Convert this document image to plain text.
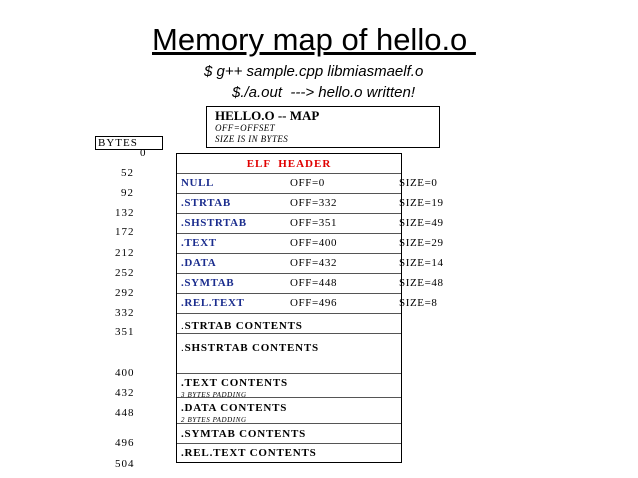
Memory map of hello.o
$ g++ sample.cpp libmiasmaelf.o
$./a.out  ---> hello.o written!
HELLO.O -- MAP
OFF=OFFSET
SIZE IS IN BYTES
BYTES
0
52
92
132
172
212
252
292
332
351
400
432
448
496
504
ELF  HEADER
NULL	OFF=0	SIZE=0
.STRTAB	OFF=332	SIZE=19
.SHSTRTAB	OFF=351	SIZE=49
.TEXT	OFF=400	SIZE=29
.DATA	OFF=432	SIZE=14
.SYMTAB	OFF=448	SIZE=48
.REL.TEXT	OFF=496	SIZE=8
.STRTAB CONTENTS
.SHSTRTAB CONTENTS
.TEXT CONTENTS
3 BYTES PADDING
.DATA CONTENTS
2 BYTES PADDING
.SYMTAB CONTENTS
.REL.TEXT CONTENTS
